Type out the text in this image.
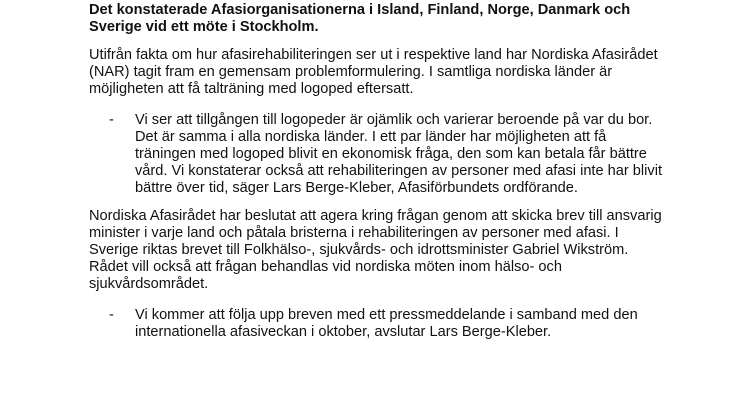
Det konstaterade Afasiorganisationerna i Island, Finland, Norge, Danmark och Sverige vid ett möte i Stockholm.

Utifrån fakta om hur afasirehabiliteringen ser ut i respektive land har Nordiska Afasirådet (NAR) tagit fram en gemensam problemformulering. I samtliga nordiska länder är möjligheten att få talträning med logoped eftersatt.

-	Vi ser att tillgången till logopeder är ojämlik och varierar beroende på var du bor. Det är samma i alla nordiska länder. I ett par länder har möjligheten att få träningen med logoped blivit en ekonomisk fråga, den som kan betala får bättre vård. Vi konstaterar också att rehabiliteringen av personer med afasi inte har blivit bättre över tid, säger Lars Berge-Kleber, Afasiförbundets ordförande.

Nordiska Afasirådet har beslutat att agera kring frågan genom att skicka brev till ansvarig minister i varje land och påtala bristerna i rehabiliteringen av personer med afasi. I Sverige riktas brevet till Folkhälso-, sjukvårds- och idrottsminister Gabriel Wikström. Rådet vill också att frågan behandlas vid nordiska möten inom hälso- och sjukvårdsområdet.

-	Vi kommer att följa upp breven med ett pressmeddelande i samband med den internationella afasiveckan i oktober, avslutar Lars Berge-Kleber.
